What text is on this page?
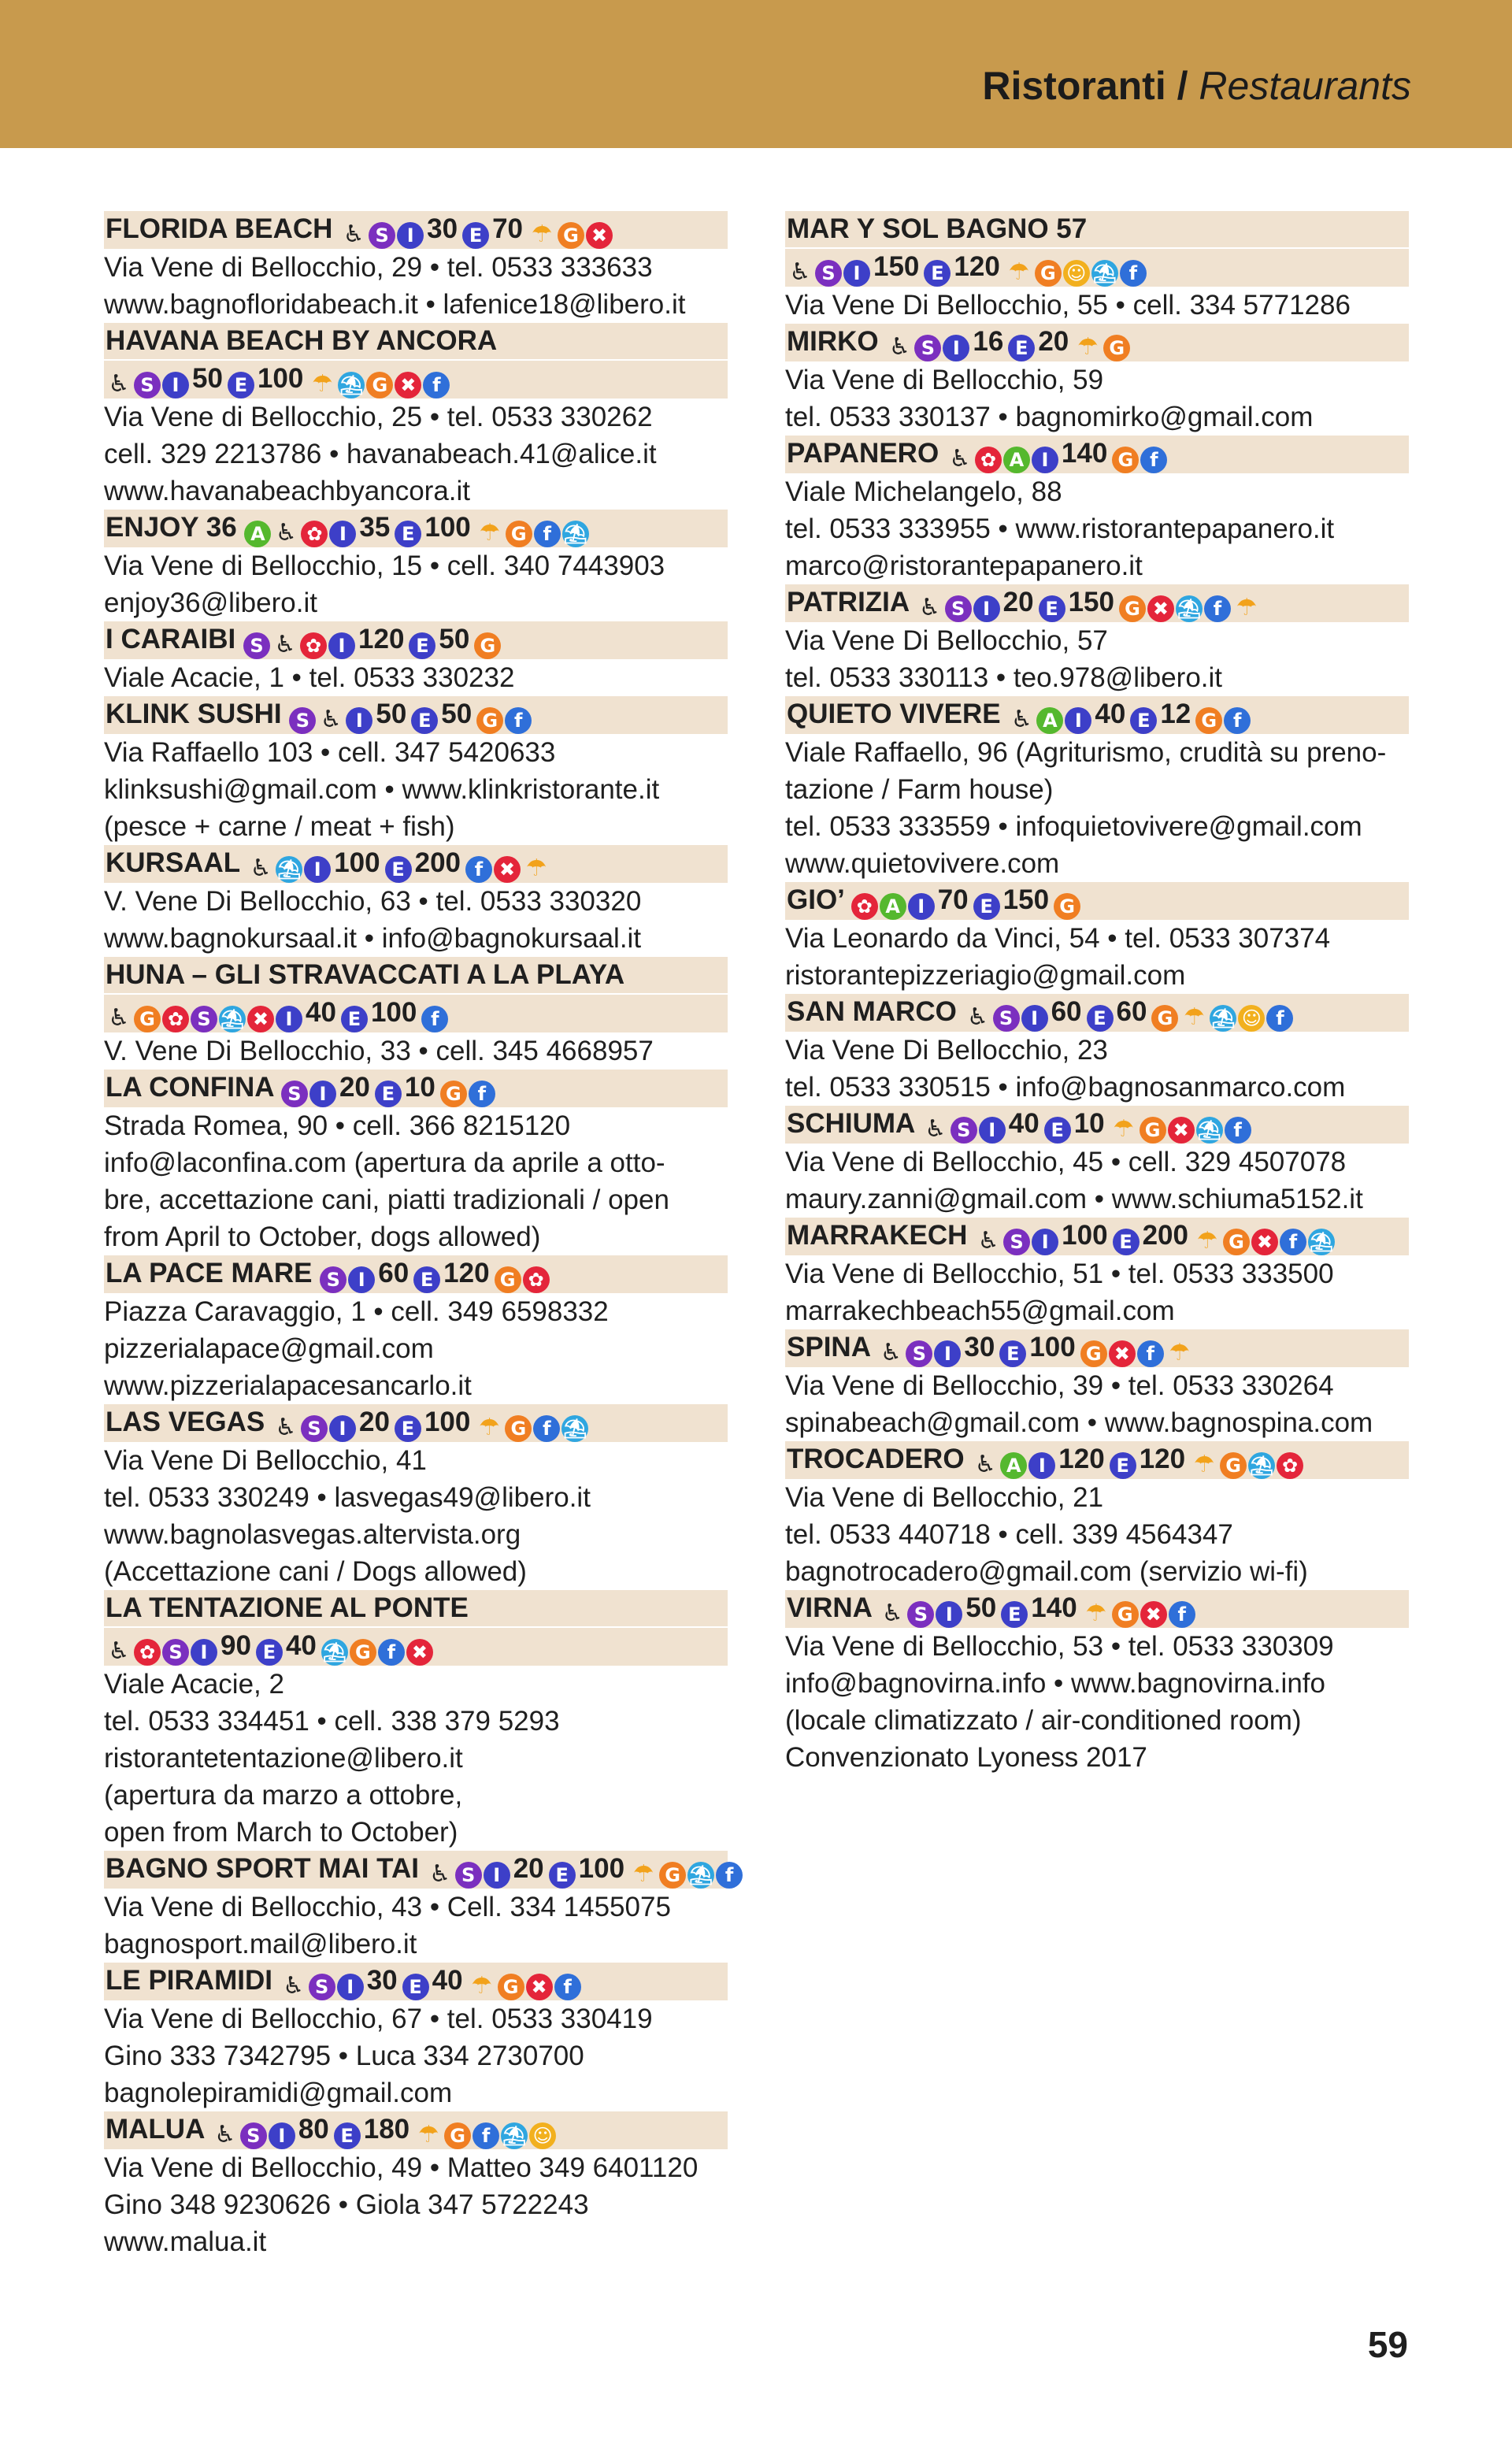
Ristoranti / Restaurants
FLORIDA BEACH ♿ S I 30 E 70 ☂ G ✖
Via Vene di Bellocchio, 29 • tel. 0533 333633
www.bagnofloridabeach.it • lafenice18@libero.it
HAVANA BEACH BY ANCORA
♿ S I 50 E 100 ☂ ⛱ G ✖ f
Via Vene di Bellocchio, 25 • tel. 0533 330262
cell. 329 2213786 • havanabeach.41@alice.it
www.havanabeachbyancora.it
ENJOY 36 A ♿ ✿ I 35 E 100 ☂ G f ⛱
Via Vene di Bellocchio, 15 • cell. 340 7443903
enjoy36@libero.it
I CARAIBI S ♿ ✿ I 120 E 50 G
Viale Acacie, 1 • tel. 0533 330232
KLINK SUSHI S ♿ I 50 E 50 G f
Via Raffaello 103 • cell. 347 5420633
klinksushi@gmail.com • www.klinkristorante.it
(pesce + carne / meat + fish)
KURSAAL ♿ ⛱ I 100 E 200 f ✖ ☂
V. Vene Di Bellocchio, 63 • tel. 0533 330320
www.bagnokursaal.it • info@bagnokursaal.it
HUNA – GLI STRAVACCATI A LA PLAYA
♿ G ✿ S ⛱ ✖ I 40 E 100 f
V. Vene Di Bellocchio, 33 • cell. 345 4668957
LA CONFINA S I 20 E 10 G f
Strada Romea, 90 • cell. 366 8215120
info@laconfina.com (apertura da aprile a otto-
bre, accettazione cani, piatti tradizionali / open
from April to October, dogs allowed)
LA PACE MARE S I 60 E 120 G ✿
Piazza Caravaggio, 1 • cell. 349 6598332
pizzerialapace@gmail.com
www.pizzerialapacesancarlo.it
LAS VEGAS ♿ S I 20 E 100 ☂ G f ⛱
Via Vene Di Bellocchio, 41
tel. 0533 330249 • lasvegas49@libero.it
www.bagnolasvegas.altervista.org
(Accettazione cani / Dogs allowed)
LA TENTAZIONE AL PONTE
♿ ✿ S I 90 E 40 ⛱ G f ✖
Viale Acacie, 2
tel. 0533 334451 • cell. 338 379 5293
ristorantetentazione@libero.it
(apertura da marzo a ottobre,
open from March to October)
BAGNO SPORT MAI TAI ♿ S I 20 E 100 ☂ G ⛱ f
Via Vene di Bellocchio, 43 • Cell. 334 1455075
bagnosport.mail@libero.it
LE PIRAMIDI ♿ S I 30 E 40 ☂ G ✖ f
Via Vene di Bellocchio, 67 • tel. 0533 330419
Gino 333 7342795 • Luca 334 2730700
bagnolepiramidi@gmail.com
MALUA ♿ S I 80 E 180 ☂ G f ⛱ ☺
Via Vene di Bellocchio, 49 • Matteo 349 6401120
Gino 348 9230626 • Giola 347 5722243
www.malua.it
MAR Y SOL BAGNO 57
♿ S I 150 E 120 ☂ G ☺ ⛱ f
Via Vene Di Bellocchio, 55 • cell. 334 5771286
MIRKO ♿ S I 16 E 20 ☂ G
Via Vene di Bellocchio, 59
tel. 0533 330137 • bagnomirko@gmail.com
PAPANERO ♿ ✿ A I 140 G f
Viale Michelangelo, 88
tel. 0533 333955 • www.ristorantepapanero.it
marco@ristorantepapanero.it
PATRIZIA ♿ S I 20 E 150 G ✖ ⛱ f ☂
Via Vene Di Bellocchio, 57
tel. 0533 330113 • teo.978@libero.it
QUIETO VIVERE ♿ A I 40 E 12 G f
Viale Raffaello, 96 (Agriturismo, crudità su preno-
tazione / Farm house)
tel. 0533 333559 • infoquietovivere@gmail.com
www.quietovivere.com
GIO’ ✿ A I 70 E 150 G
Via Leonardo da Vinci, 54 • tel. 0533 307374
ristorantepizzeriagio@gmail.com
SAN MARCO ♿ S I 60 E 60 G ☂ ⛱ ☺ f
Via Vene Di Bellocchio, 23
tel. 0533 330515 • info@bagnosanmarco.com
SCHIUMA ♿ S I 40 E 10 ☂ G ✖ ⛱ f
Via Vene di Bellocchio, 45 • cell. 329 4507078
maury.zanni@gmail.com • www.schiuma5152.it
MARRAKECH ♿ S I 100 E 200 ☂ G ✖ f ⛱
Via Vene di Bellocchio, 51 • tel. 0533 333500
marrakechbeach55@gmail.com
SPINA ♿ S I 30 E 100 G ✖ f ☂
Via Vene di Bellocchio, 39 • tel. 0533 330264
spinabeach@gmail.com • www.bagnospina.com
TROCADERO ♿ A I 120 E 120 ☂ G ⛱ ✿
Via Vene di Bellocchio, 21
tel. 0533 440718 • cell. 339 4564347
bagnotrocadero@gmail.com (servizio wi-fi)
VIRNA ♿ S I 50 E 140 ☂ G ✖ f
Via Vene di Bellocchio, 53 • tel. 0533 330309
info@bagnovirna.info • www.bagnovirna.info
(locale climatizzato / air-conditioned room)
Convenzionato Lyoness 2017
59
